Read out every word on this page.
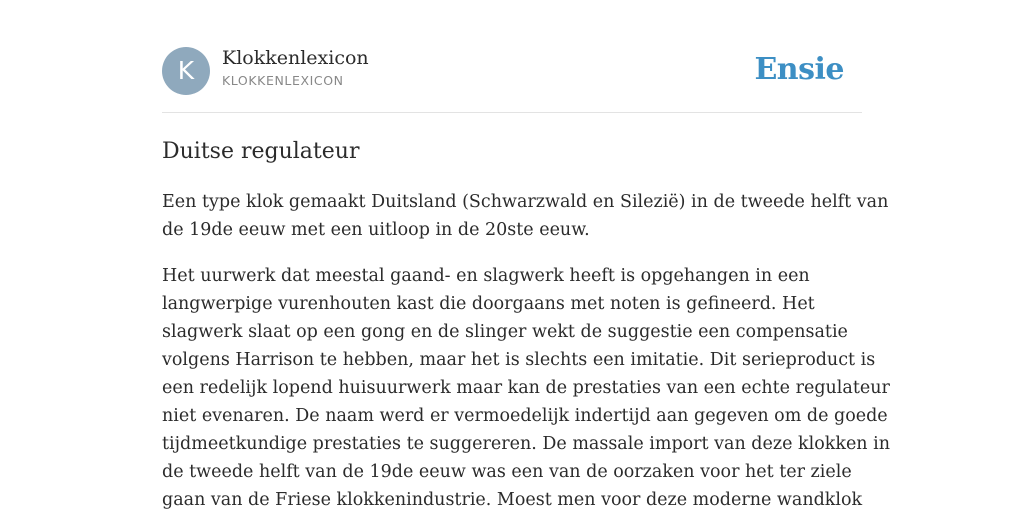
K	Klokkenlexicon
KLOKKENLEXICON	Ensie
Duitse regulateur

Een type klok gemaakt Duitsland (Schwarzwald en Silezië) in de tweede helft van
de 19de eeuw met een uitloop in de 20ste eeuw.

Het uurwerk dat meestal gaand- en slagwerk heeft is opgehangen in een
langwerpige vurenhouten kast die doorgaans met noten is gefineerd. Het
slagwerk slaat op een gong en de slinger wekt de suggestie een compensatie
volgens Harrison te hebben, maar het is slechts een imitatie. Dit serieproduct is
een redelijk lopend huisuurwerk maar kan de prestaties van een echte regulateur
niet evenaren. De naam werd er vermoedelijk indertijd aan gegeven om de goede
tijdmeetkundige prestaties te suggereren. De massale import van deze klokken in
de tweede helft van de 19de eeuw was een van de oorzaken voor het ter ziele
gaan van de Friese klokkenindustrie. Moest men voor deze moderne wandklok
